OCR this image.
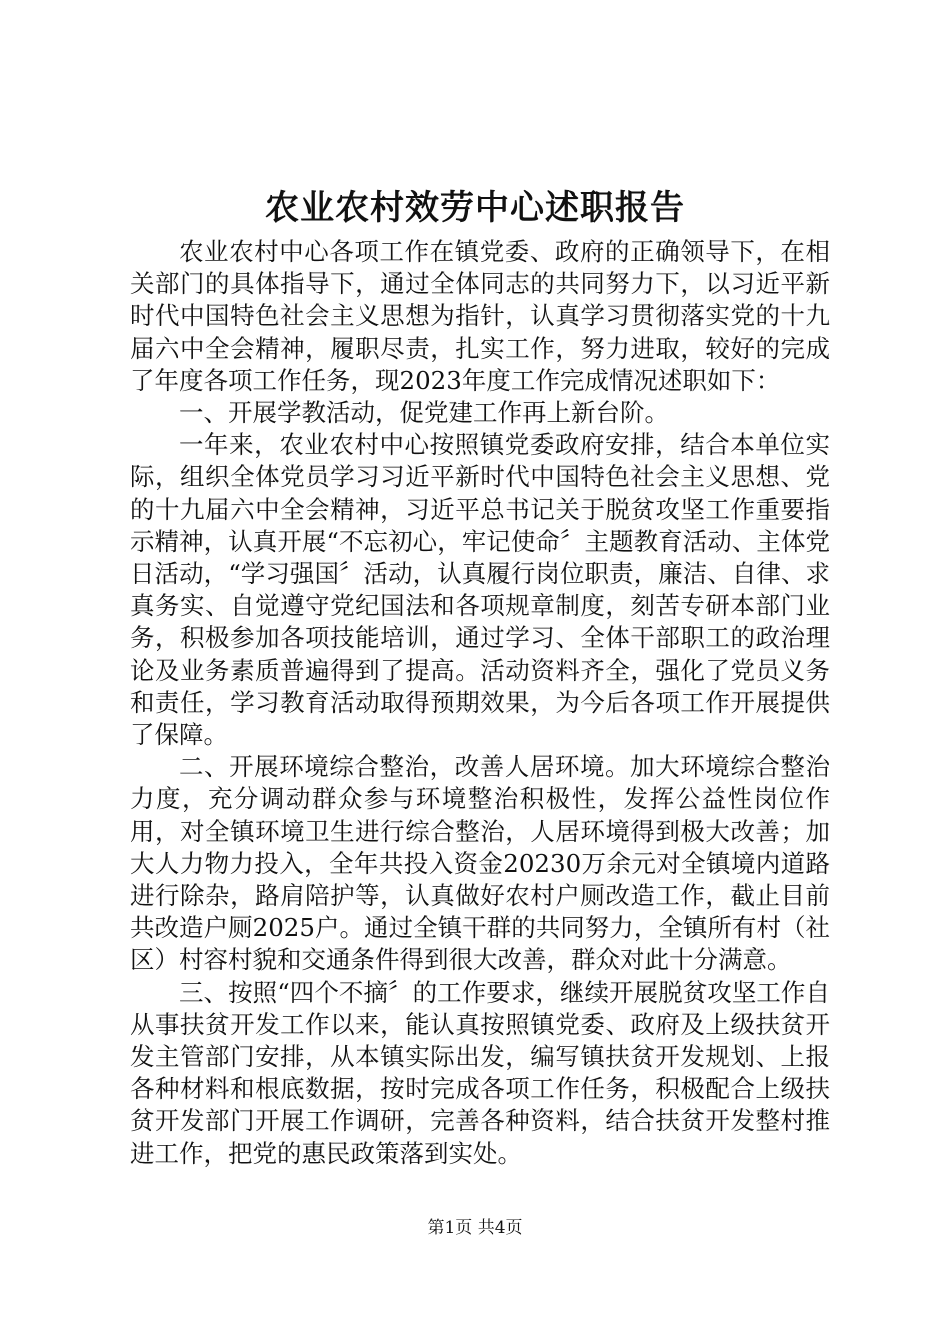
农业农村效劳中心述职报告

农业农村中心各项工作在镇党委、政府的正确领导下，在相关部门的具体指导下，通过全体同志的共同努力下，以习近平新时代中国特色社会主义思想为指针，认真学习贯彻落实党的十九届六中全会精神，履职尽责，扎实工作，努力进取，较好的完成了年度各项工作任务，现2023年度工作完成情况述职如下：

一、开展学教活动，促党建工作再上新台阶。

一年来，农业农村中心按照镇党委政府安排，结合本单位实际，组织全体党员学习习近平新时代中国特色社会主义思想、党的十九届六中全会精神，习近平总书记关于脱贫攻坚工作重要指示精神，认真开展“不忘初心，牢记使命〞主题教育活动、主体党日活动，“学习强国〞活动，认真履行岗位职责，廉洁、自律、求真务实、自觉遵守党纪国法和各项规章制度，刻苦专研本部门业务，积极参加各项技能培训，通过学习、全体干部职工的政治理论及业务素质普遍得到了提高。活动资料齐全，强化了党员义务和责任，学习教育活动取得预期效果，为今后各项工作开展提供了保障。

二、开展环境综合整治，改善人居环境。加大环境综合整治力度，充分调动群众参与环境整治积极性，发挥公益性岗位作用，对全镇环境卫生进行综合整治，人居环境得到极大改善；加大人力物力投入，全年共投入资金20230万余元对全镇境内道路进行除杂，路肩陪护等，认真做好农村户厕改造工作，截止目前共改造户厕2025户。通过全镇干群的共同努力，全镇所有村（社区）村容村貌和交通条件得到很大改善，群众对此十分满意。

三、按照“四个不摘〞的工作要求，继续开展脱贫攻坚工作自从事扶贫开发工作以来，能认真按照镇党委、政府及上级扶贫开发主管部门安排，从本镇实际出发，编写镇扶贫开发规划、上报各种材料和根底数据，按时完成各项工作任务，积极配合上级扶贫开发部门开展工作调研，完善各种资料，结合扶贫开发整村推进工作，把党的惠民政策落到实处。

第1页 共4页
